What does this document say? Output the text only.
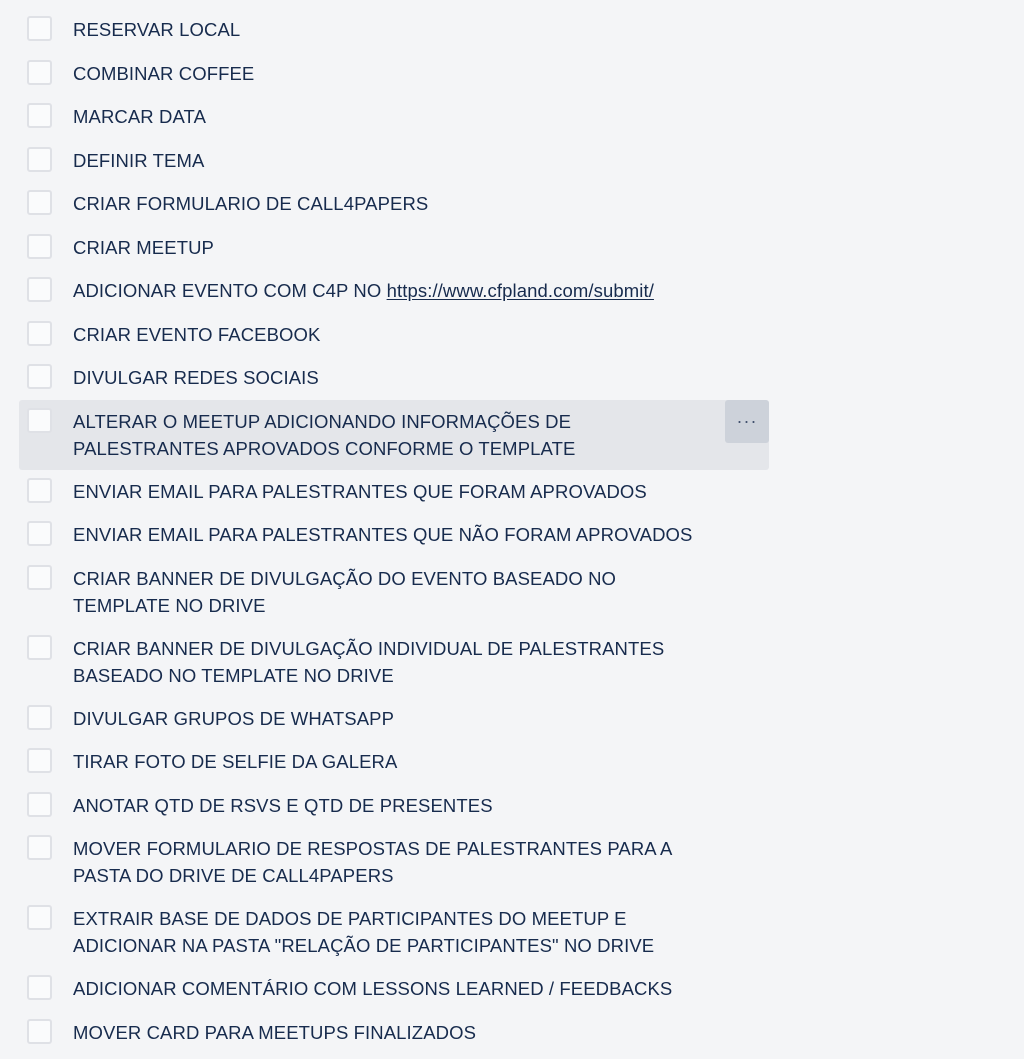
RESERVAR LOCAL
COMBINAR COFFEE
MARCAR DATA
DEFINIR TEMA
CRIAR FORMULARIO DE CALL4PAPERS
CRIAR MEETUP
ADICIONAR EVENTO COM C4P NO https://www.cfpland.com/submit/
CRIAR EVENTO FACEBOOK
DIVULGAR REDES SOCIAIS
ALTERAR O MEETUP ADICIONANDO INFORMAÇÕES DE PALESTRANTES APROVADOS CONFORME O TEMPLATE
···
ENVIAR EMAIL PARA PALESTRANTES QUE FORAM APROVADOS
ENVIAR EMAIL PARA PALESTRANTES QUE NÃO FORAM APROVADOS
CRIAR BANNER DE DIVULGAÇÃO DO EVENTO BASEADO NO TEMPLATE NO DRIVE
CRIAR BANNER DE DIVULGAÇÃO INDIVIDUAL DE PALESTRANTES BASEADO NO TEMPLATE NO DRIVE
DIVULGAR GRUPOS DE WHATSAPP
TIRAR FOTO DE SELFIE DA GALERA
ANOTAR QTD DE RSVS E QTD DE PRESENTES
MOVER FORMULARIO DE RESPOSTAS DE PALESTRANTES PARA A PASTA DO DRIVE DE CALL4PAPERS
EXTRAIR BASE DE DADOS DE PARTICIPANTES DO MEETUP E ADICIONAR NA PASTA "RELAÇÃO DE PARTICIPANTES" NO DRIVE
ADICIONAR COMENTÁRIO COM LESSONS LEARNED / FEEDBACKS
MOVER CARD PARA MEETUPS FINALIZADOS
